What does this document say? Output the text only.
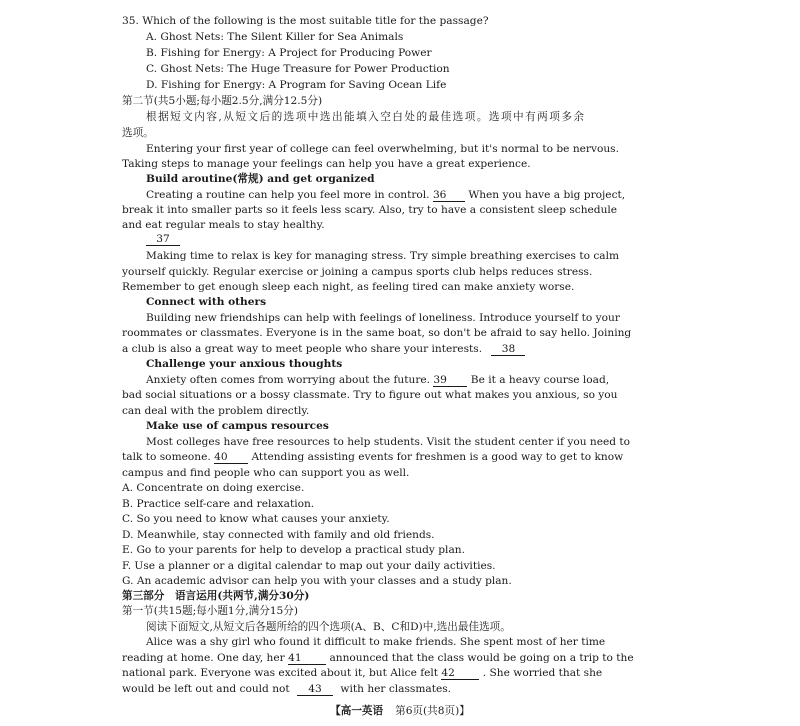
35. Which of the following is the most suitable title for the passage?
A. Ghost Nets: The Silent Killer for Sea Animals
B. Fishing for Energy: A Project for Producing Power
C. Ghost Nets: The Huge Treasure for Power Production
D. Fishing for Energy: A Program for Saving Ocean Life
第二节(共5小题;每小题2.5分,满分12.5分)
根据短文内容,从短文后的选项中选出能填入空白处的最佳选项。选项中有两项多余
选项。
Entering your first year of college can feel overwhelming, but it's normal to be nervous.
Taking steps to manage your feelings can help you have a great experience.
Build aroutine(常规) and get organized
Creating a routine can help you feel more in control. 36 When you have a big project,
break it into smaller parts so it feels less scary. Also, try to have a consistent sleep schedule
and eat regular meals to stay healthy.
37
Making time to relax is key for managing stress. Try simple breathing exercises to calm
yourself quickly. Regular exercise or joining a campus sports club helps reduces stress.
Remember to get enough sleep each night, as feeling tired can make anxiety worse.
Connect with others
Building new friendships can help with feelings of loneliness. Introduce yourself to your
roommates or classmates. Everyone is in the same boat, so don't be afraid to say hello. Joining
a club is also a great way to meet people who share your interests. 38
Challenge your anxious thoughts
Anxiety often comes from worrying about the future. 39 Be it a heavy course load,
bad social situations or a bossy classmate. Try to figure out what makes you anxious, so you
can deal with the problem directly.
Make use of campus resources
Most colleges have free resources to help students. Visit the student center if you need to
talk to someone. 40 Attending assisting events for freshmen is a good way to get to know
campus and find people who can support you as well.
A. Concentrate on doing exercise.
B. Practice self-care and relaxation.
C. So you need to know what causes your anxiety.
D. Meanwhile, stay connected with family and old friends.
E. Go to your parents for help to develop a practical study plan.
F. Use a planner or a digital calendar to map out your daily activities.
G. An academic advisor can help you with your classes and a study plan.
第三部分　语言运用(共两节,满分30分)
第一节(共15题;每小题1分,满分15分)
阅读下面短文,从短文后各题所给的四个选项(A、B、C和D)中,选出最佳选项。
Alice was a shy girl who found it difficult to make friends. She spent most of her time
reading at home. One day, her 41	announced that the class would be going on a trip to the
national park. Everyone was excited about it, but Alice felt 42	. She worried that she
would be left out and could not 43 with her classmates.
【高一英语 第6页(共8页)】
